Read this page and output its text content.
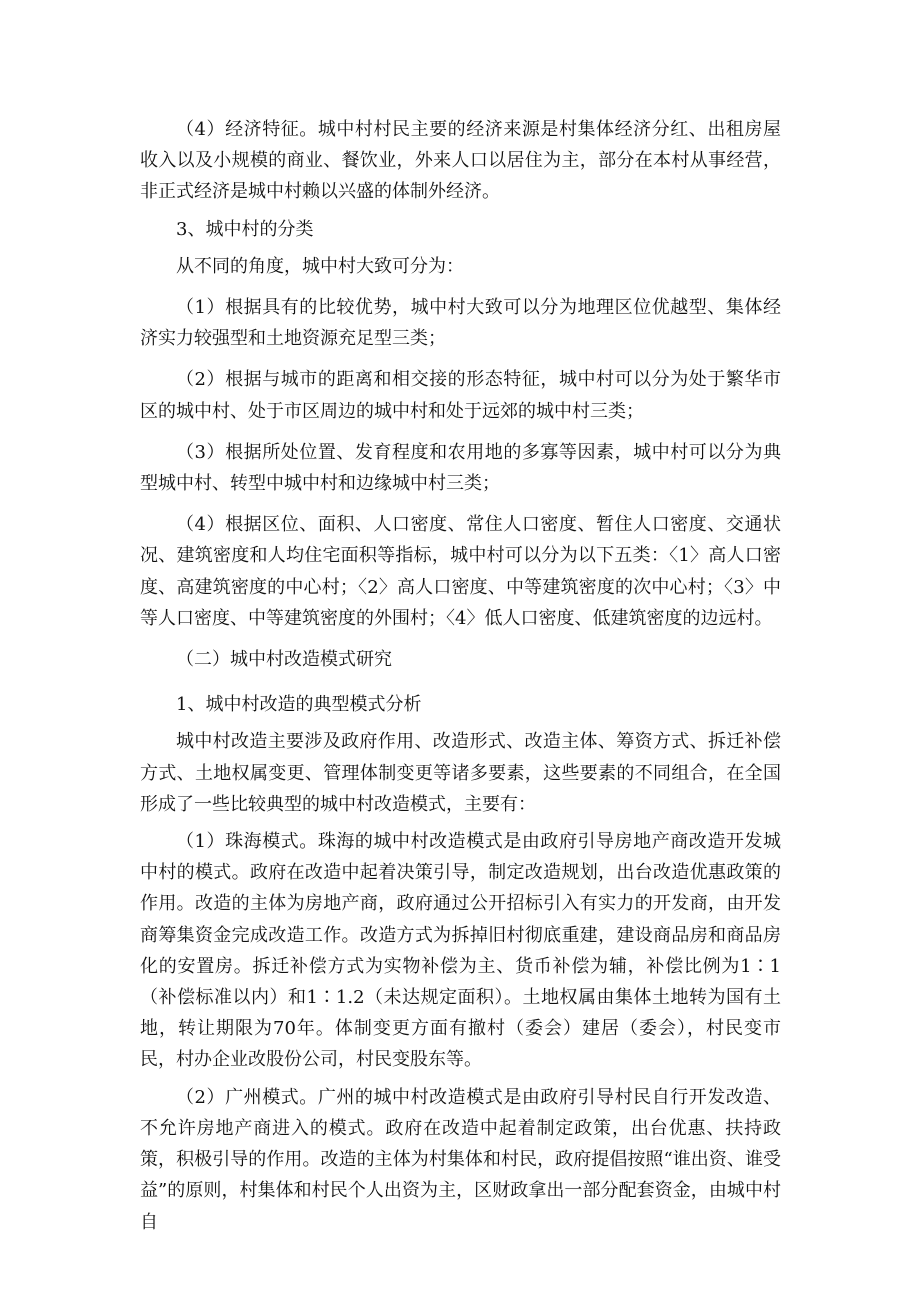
（4）经济特征。城中村村民主要的经济来源是村集体经济分红、出租房屋收入以及小规模的商业、餐饮业，外来人口以居住为主，部分在本村从事经营，非正式经济是城中村赖以兴盛的体制外经济。

3、城中村的分类

从不同的角度，城中村大致可分为：

（1）根据具有的比较优势，城中村大致可以分为地理区位优越型、集体经济实力较强型和土地资源充足型三类；

（2）根据与城市的距离和相交接的形态特征，城中村可以分为处于繁华市区的城中村、处于市区周边的城中村和处于远郊的城中村三类；

（3）根据所处位置、发育程度和农用地的多寡等因素，城中村可以分为典型城中村、转型中城中村和边缘城中村三类；

（4）根据区位、面积、人口密度、常住人口密度、暂住人口密度、交通状况、建筑密度和人均住宅面积等指标，城中村可以分为以下五类：〈1〉高人口密度、高建筑密度的中心村；〈2〉高人口密度、中等建筑密度的次中心村；〈3〉中等人口密度、中等建筑密度的外围村；〈4〉低人口密度、低建筑密度的边远村。

（二）城中村改造模式研究

1、城中村改造的典型模式分析

城中村改造主要涉及政府作用、改造形式、改造主体、筹资方式、拆迁补偿方式、土地权属变更、管理体制变更等诸多要素，这些要素的不同组合，在全国形成了一些比较典型的城中村改造模式，主要有：

（1）珠海模式。珠海的城中村改造模式是由政府引导房地产商改造开发城中村的模式。政府在改造中起着决策引导，制定改造规划，出台改造优惠政策的作用。改造的主体为房地产商，政府通过公开招标引入有实力的开发商，由开发商筹集资金完成改造工作。改造方式为拆掉旧村彻底重建，建设商品房和商品房化的安置房。拆迁补偿方式为实物补偿为主、货币补偿为辅，补偿比例为1∶1（补偿标准以内）和1∶1.2（未达规定面积）。土地权属由集体土地转为国有土地，转让期限为70年。体制变更方面有撤村（委会）建居（委会），村民变市民，村办企业改股份公司，村民变股东等。

（2）广州模式。广州的城中村改造模式是由政府引导村民自行开发改造、不允许房地产商进入的模式。政府在改造中起着制定政策，出台优惠、扶持政策，积极引导的作用。改造的主体为村集体和村民，政府提倡按照“谁出资、谁受益”的原则，村集体和村民个人出资为主，区财政拿出一部分配套资金，由城中村自
